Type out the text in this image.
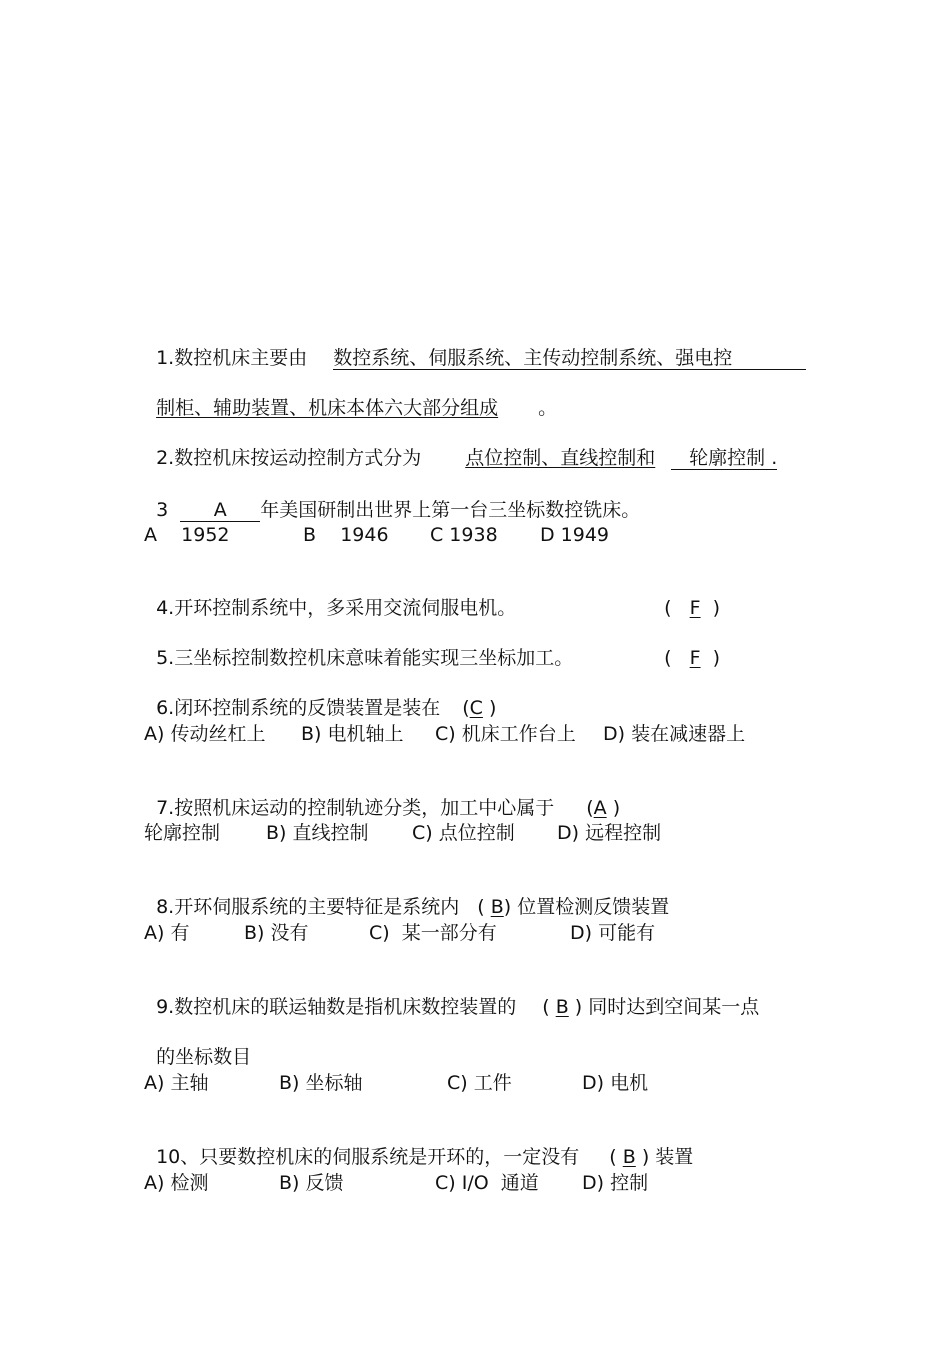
1.数控机床主要由 数控系统、伺服系统、主传动控制系统、强电控

制柜、辅助装置、机床本体六大部分组成 。

2.数控机床按运动控制方式分为 点位控制、直线控制和 轮廓控制 .

3 A 年美国研制出世界上第一台三坐标数控铣床。

A    1952	B    1946 C 1938 D 1949

4.开环控制系统中，多采用交流伺服电机。	( F )

5.三坐标控制数控机床意味着能实现三坐标加工。	( F )

6.闭环控制系统的反馈装置是装在 (C )

A) 传动丝杠上 B) 电机轴上 C) 机床工作台上 D) 装在减速器上

7.按照机床运动的控制轨迹分类，加工中心属于 (A )

轮廓控制 B) 直线控制 C) 点位控制 D) 远程控制

8.开环伺服系统的主要特征是系统内 ( B) 位置检测反馈装置

A) 有	B) 没有	C)  某一部分有	D) 可能有

9.数控机床的联运轴数是指机床数控装置的 ( B ) 同时达到空间某一点

的坐标数目

A) 主轴	B) 坐标轴	C) 工件	D) 电机

10、只要数控机床的伺服系统是开环的，一定没有 ( B ) 装置

A) 检测	B) 反馈	C) I/O  通道 D) 控制
